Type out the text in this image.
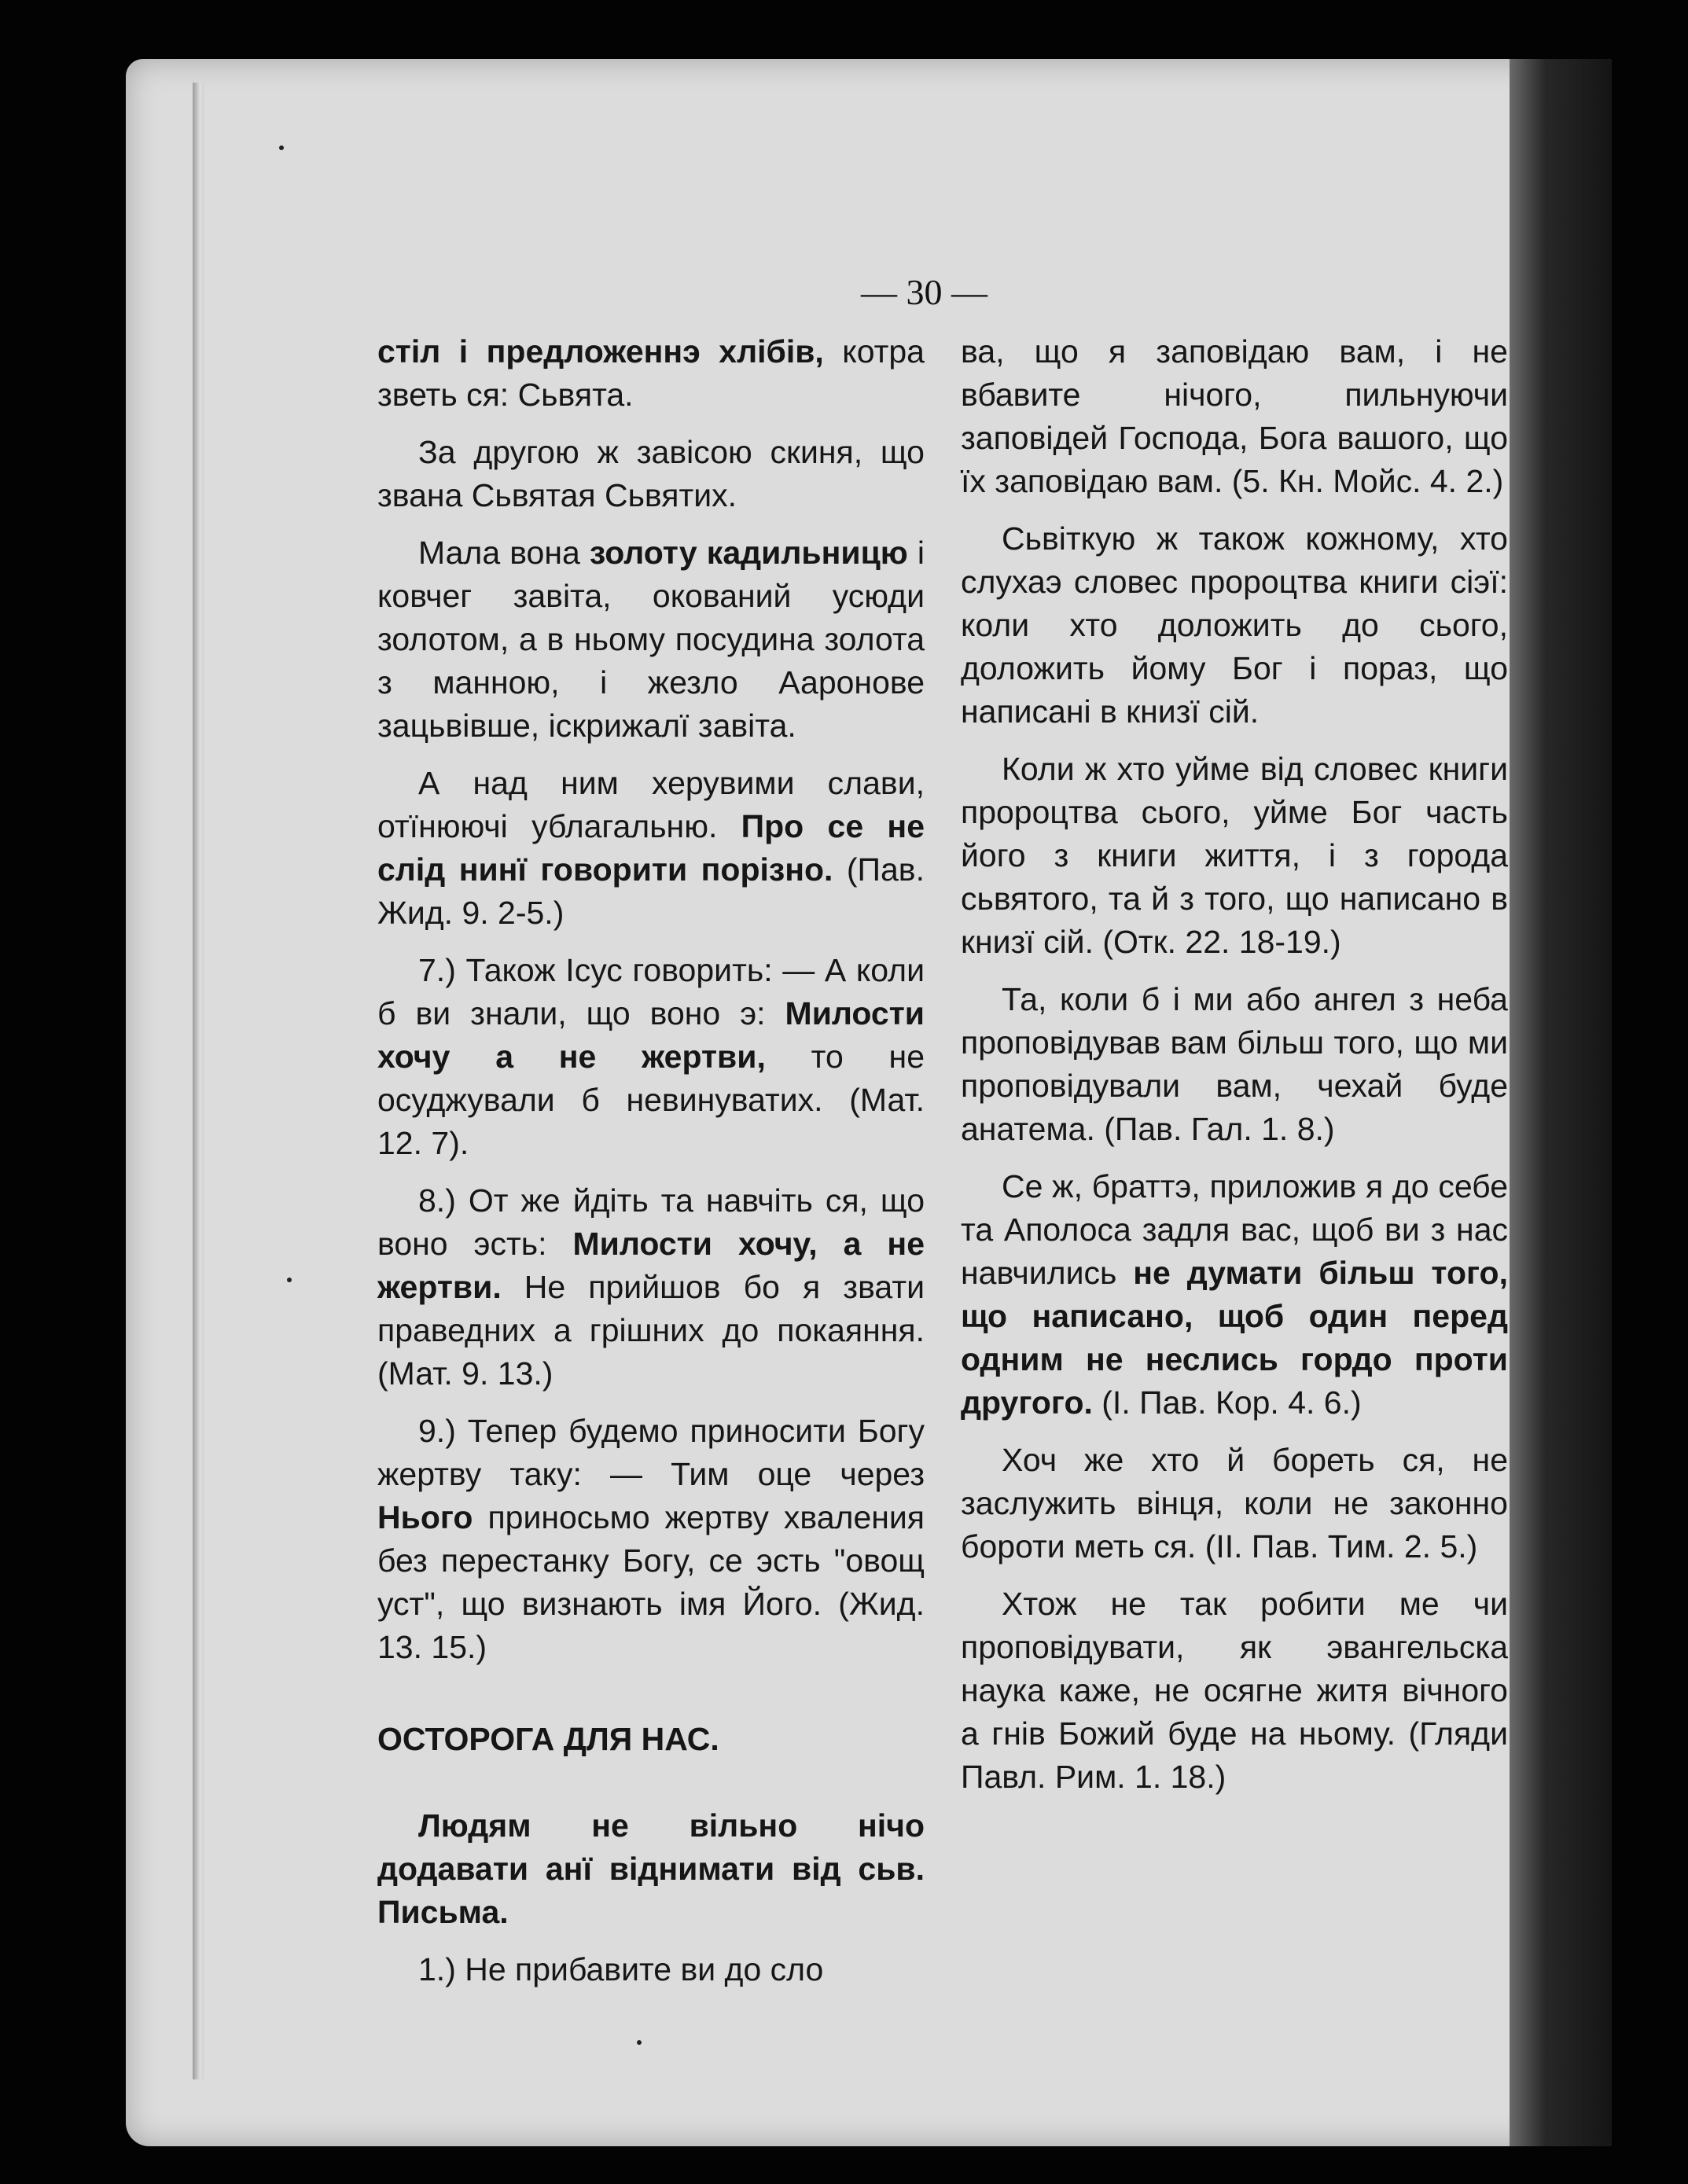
— 30 —

стіл і предложеннэ хлібів, котра зветь ся: Сьвята.

За другою ж завісою скиня, що звана Сьвятая Сьвятих.

Мала вона золоту кадильницю і ковчег завіта, окований усюди золотом, а в ньому посудина золота з манною, і жезло Ааронове зацьвівше, іскрижалї завіта.

А над ним херувими слави, отїнюючі ублагальню. Про се не слід нинї говорити порізно. (Пав. Жид. 9. 2-5.)

7.) Також Ісус говорить: — А коли б ви знали, що воно э: Милости хочу а не жертви, то не осуджували б невинуватих. (Мат. 12. 7).

8.) От же йдіть та навчіть ся, що воно эсть: Милости хочу, а не жертви. Не прийшов бо я звати праведних а грішних до покаяння. (Мат. 9. 13.)

9.) Тепер будемо приносити Богу жертву таку: — Тим оце через Нього приносьмо жертву хваления без перестанку Богу, се эсть "овощ уст", що визнають імя Його. (Жид. 13. 15.)

ОСТОРОГА ДЛЯ НАС.

Людям не вільно нічо додавати анї віднимати від сьв. Письма.

1.) Не прибавите ви до сло

ва, що я заповідаю вам, і не вбавите нічого, пильнуючи заповідей Господа, Бога вашого, що їх заповідаю вам. (5. Кн. Мойс. 4. 2.)

Сьвіткую ж також кожному, хто слухаэ словес пророцтва книги сіэї: коли хто доложить до сього, доложить йому Бог і пораз, що написані в книзї сій.

Коли ж хто уйме від словес книги пророцтва сього, уйме Бог часть його з книги життя, і з города сьвятого, та й з того, що написано в книзї сій. (Отк. 22. 18-19.)

Та, коли б і ми або ангел з неба проповідував вам більш того, що ми проповідували вам, чехай буде анатема. (Пав. Гал. 1. 8.)

Се ж, браттэ, приложив я до себе та Аполоса задля вас, щоб ви з нас навчились не думати більш того, що написано, щоб один перед одним не неслись гордо проти другого. (І. Пав. Кор. 4. 6.)

Хоч же хто й бореть ся, не заслужить вінця, коли не законно бороти меть ся. (II. Пав. Тим. 2. 5.)

Хтож не так робити ме чи проповідувати, як эвангельска наука каже, не осягне житя вічного а гнів Божий буде на ньому. (Гляди Павл. Рим. 1. 18.)
